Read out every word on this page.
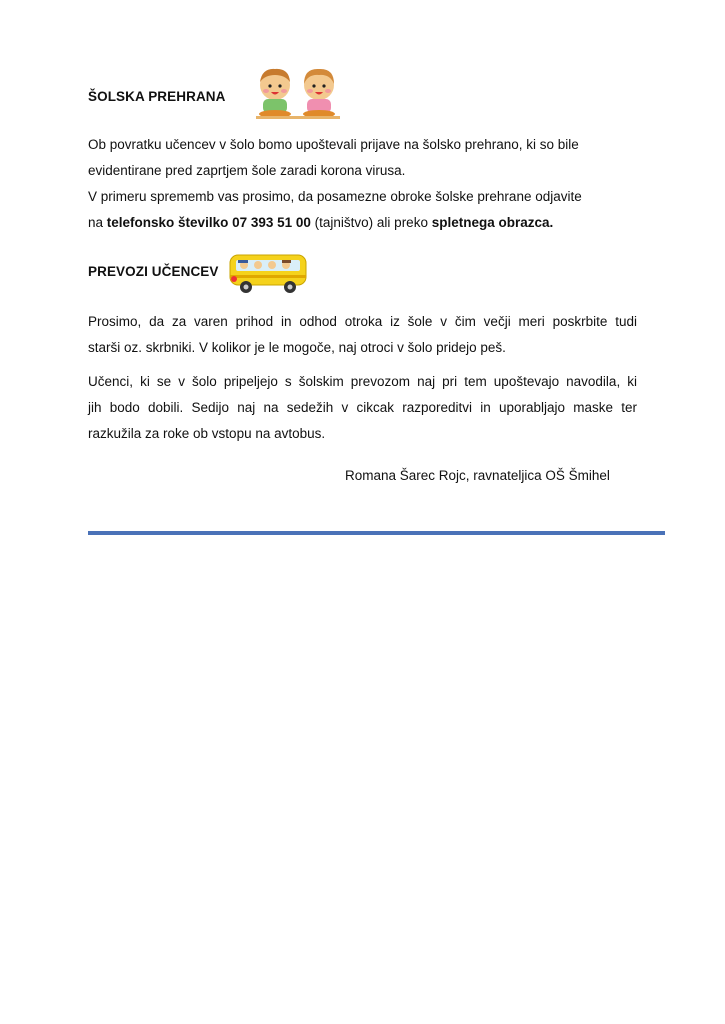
ŠOLSKA PREHRANA
Ob povratku učencev v šolo bomo upoštevali prijave na šolsko prehrano, ki so bile
evidentirane pred zaprtjem šole zaradi korona virusa.
V primeru sprememb vas prosimo, da posamezne obroke šolske prehrane odjavite
na telefonsko številko 07 393 51 00 (tajništvo) ali preko spletnega obrazca.
PREVOZI UČENCEV
Prosimo, da za varen prihod in odhod otroka iz šole v čim večji meri poskrbite tudi
starši oz. skrbniki. V kolikor je le mogoče, naj otroci v šolo pridejo peš.
Učenci, ki se v šolo pripeljejo s šolskim prevozom naj pri tem upoštevajo navodila, ki
jih bodo dobili. Sedijo naj na sedežih v cikcak razporeditvi in uporabljajo maske ter
razkužila za roke ob vstopu na avtobus.
Romana Šarec Rojc, ravnateljica OŠ Šmihel
